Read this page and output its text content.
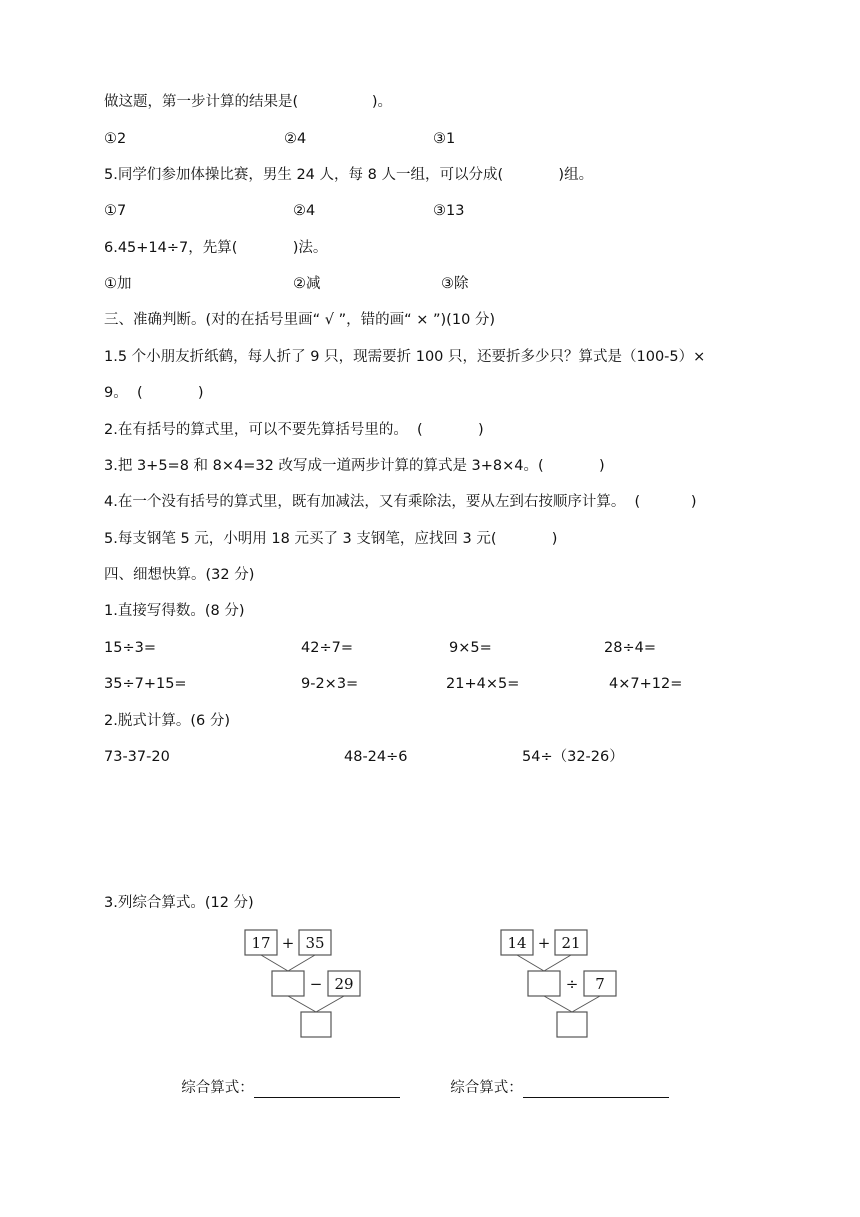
做这题，第一步计算的结果是(                )。
①2	②4	③1
5.同学们参加体操比赛，男生 24 人，每 8 人一组，可以分成(            )组。
①7	②4	③13
6.45+14÷7，先算(            )法。
①加	②减	③除
三、准确判断。(对的在括号里画“ √ ”，错的画“ × ”)(10 分)
1.5 个小朋友折纸鹤，每人折了 9 只，现需要折 100 只，还要折多少只？算式是（100-5）×
9。  (            )
2.在有括号的算式里，可以不要先算括号里的。  (            )
3.把 3+5=8 和 8×4=32 改写成一道两步计算的算式是 3+8×4。(            )
4.在一个没有括号的算式里，既有加减法，又有乘除法，要从左到右按顺序计算。  (           )
5.每支钢笔 5 元，小明用 18 元买了 3 支钢笔，应找回 3 元(            )
四、细想快算。(32 分)
1.直接写得数。(8 分)
15÷3=	42÷7=	9×5=	28÷4=
35÷7+15=	9-2×3=	21+4×5=	4×7+12=
2.脱式计算。(6 分)
73-37-20	48-24÷6	54÷（32-26）
3.列综合算式。(12 分)
17 + 35
− 29
14 + 21
÷ 7

综合算式：	综合算式：
